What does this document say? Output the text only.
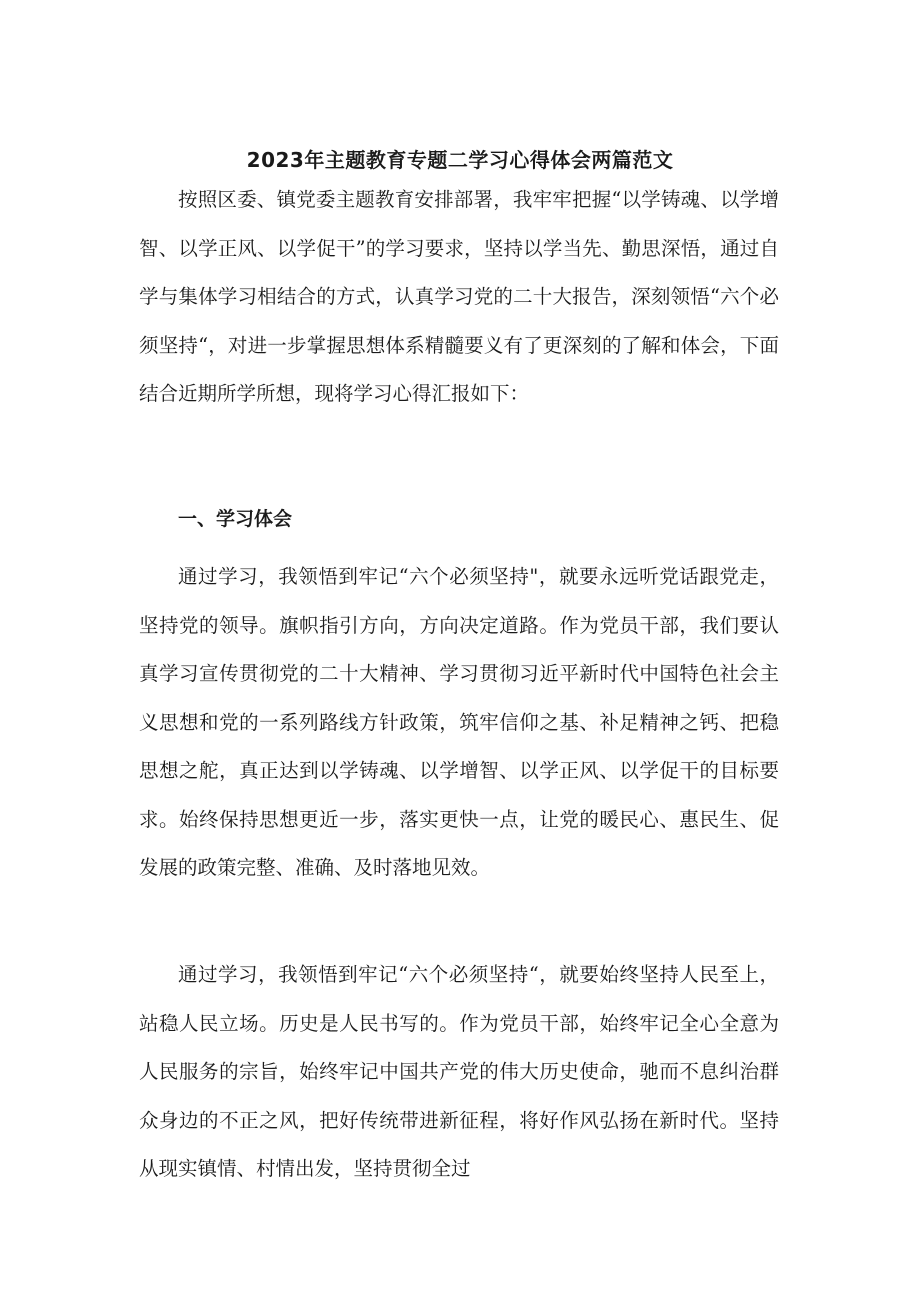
2023年主题教育专题二学习心得体会两篇范文

按照区委、镇党委主题教育安排部署，我牢牢把握“以学铸魂、以学增智、以学正风、以学促干”的学习要求，坚持以学当先、勤思深悟，通过自学与集体学习相结合的方式，认真学习党的二十大报告，深刻领悟“六个必须坚持“，对进一步掌握思想体系精髓要义有了更深刻的了解和体会，下面结合近期所学所想，现将学习心得汇报如下：

一、学习体会

通过学习，我领悟到牢记“六个必须坚持"，就要永远听党话跟党走，坚持党的领导。旗帜指引方向，方向决定道路。作为党员干部，我们要认真学习宣传贯彻党的二十大精神、学习贯彻习近平新时代中国特色社会主义思想和党的一系列路线方针政策，筑牢信仰之基、补足精神之钙、把稳思想之舵，真正达到以学铸魂、以学增智、以学正风、以学促干的目标要求。始终保持思想更近一步，落实更快一点，让党的暖民心、惠民生、促发展的政策完整、准确、及时落地见效。

通过学习，我领悟到牢记“六个必须坚持“，就要始终坚持人民至上，站稳人民立场。历史是人民书写的。作为党员干部，始终牢记全心全意为人民服务的宗旨，始终牢记中国共产党的伟大历史使命，驰而不息纠治群众身边的不正之风，把好传统带进新征程，将好作风弘扬在新时代。坚持从现实镇情、村情出发，坚持贯彻全过
